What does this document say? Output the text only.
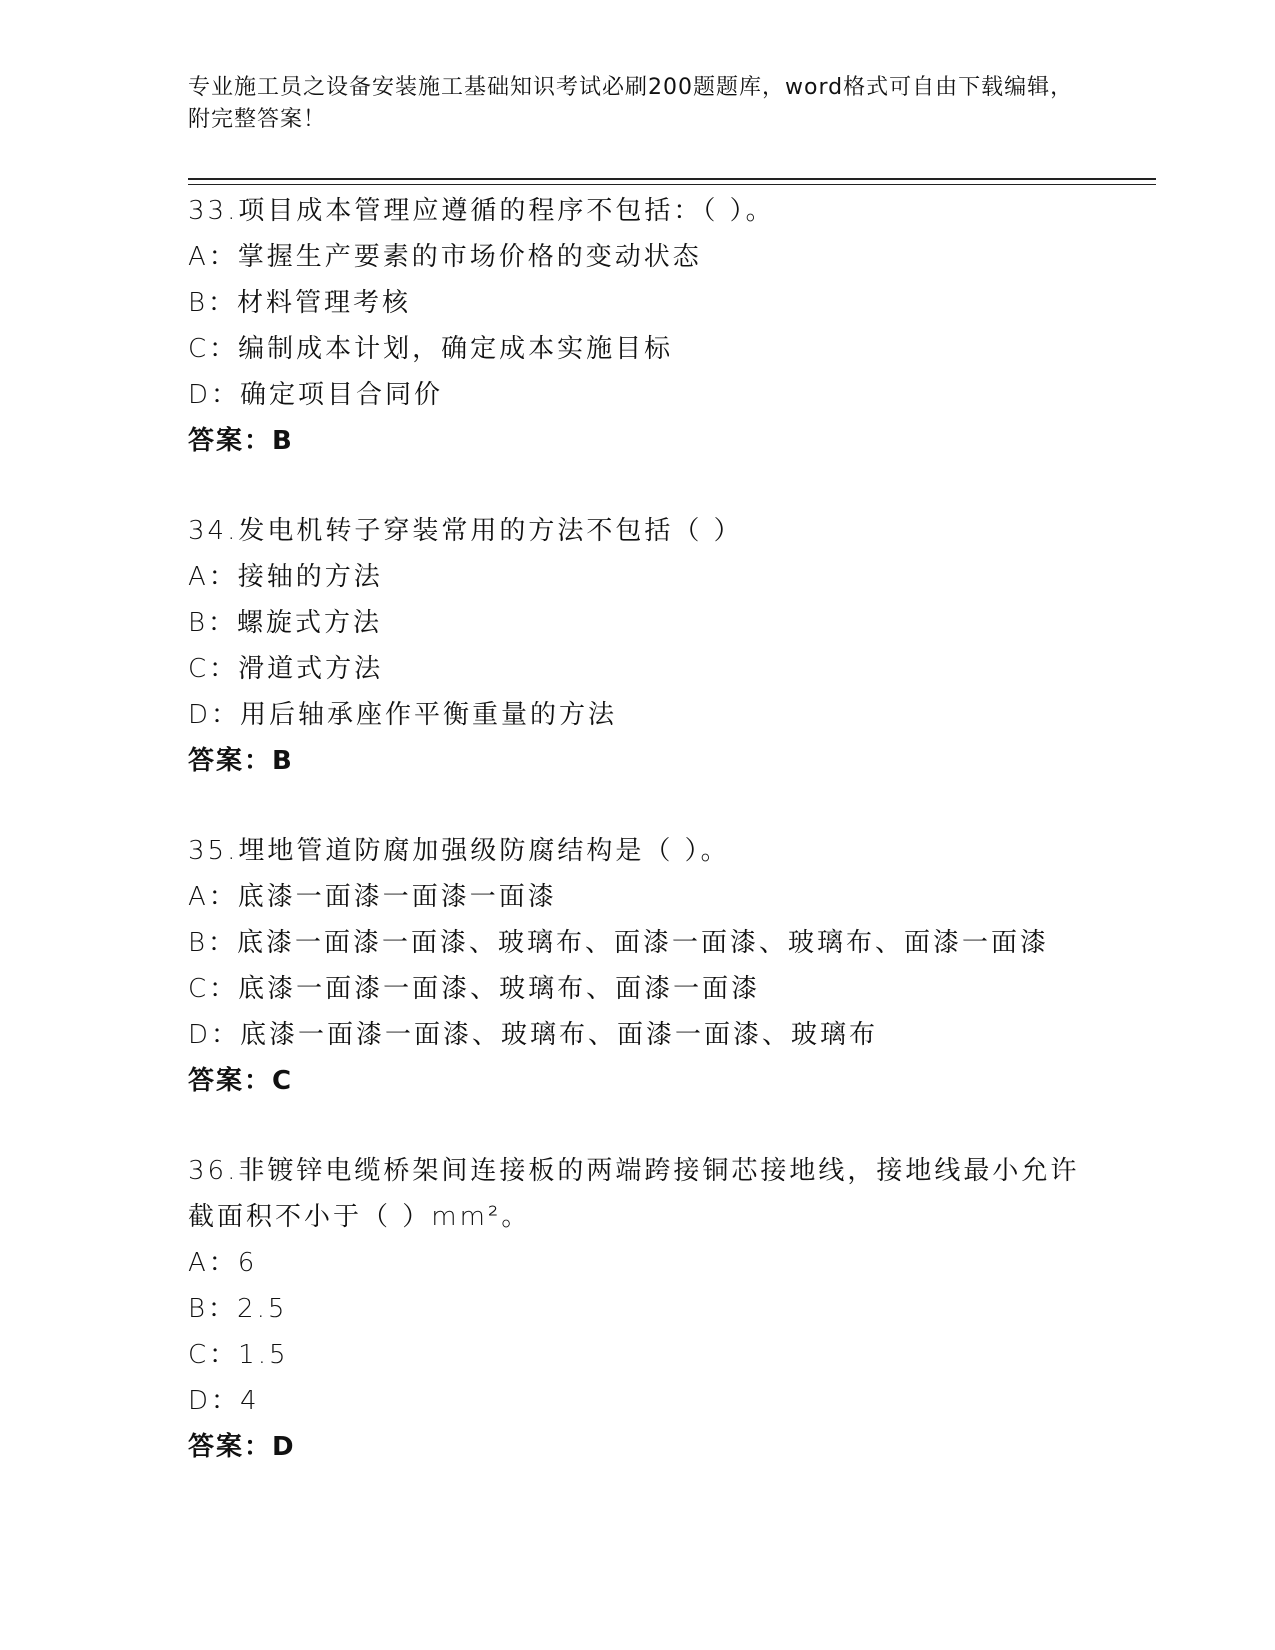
专业施工员之设备安装施工基础知识考试必刷200题题库，word格式可自由下载编辑，附完整答案！
33.项目成本管理应遵循的程序不包括：（ ）。
A：掌握生产要素的市场价格的变动状态
B：材料管理考核
C：编制成本计划，确定成本实施目标
D：确定项目合同价
答案：B
34.发电机转子穿装常用的方法不包括（ ）
A：接轴的方法
B：螺旋式方法
C：滑道式方法
D：用后轴承座作平衡重量的方法
答案：B
35.埋地管道防腐加强级防腐结构是（ ）。
A：底漆一面漆一面漆一面漆
B：底漆一面漆一面漆、玻璃布、面漆一面漆、玻璃布、面漆一面漆
C：底漆一面漆一面漆、玻璃布、面漆一面漆
D：底漆一面漆一面漆、玻璃布、面漆一面漆、玻璃布
答案：C
36.非镀锌电缆桥架间连接板的两端跨接铜芯接地线，接地线最小允许
截面积不小于（ ）mm²。
A：6
B：2.5
C：1.5
D：4
答案：D
